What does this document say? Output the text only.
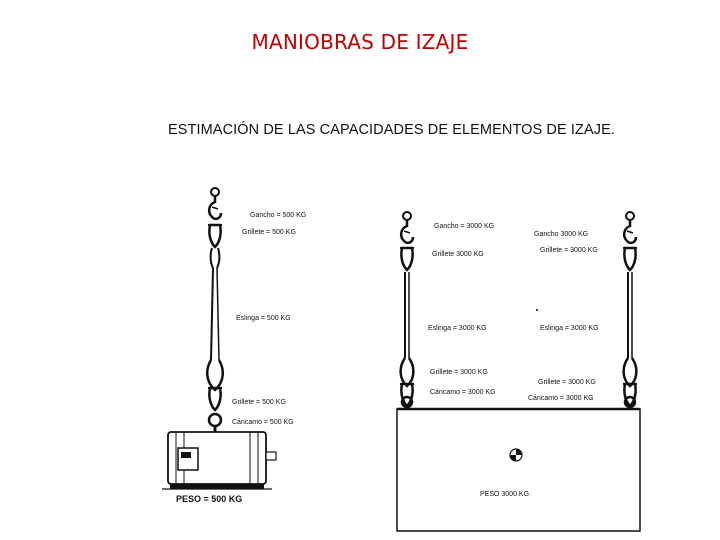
MANIOBRAS DE IZAJE
ESTIMACIÓN DE LAS CAPACIDADES DE ELEMENTOS DE IZAJE.
Gancho = 500 KG
Grillete = 500 KG
Eslinga = 500 KG
Grillete = 500 KG
Cáncamo = 500 KG
PESO = 500 KG
Gancho = 3000 KG
Grillete 3000 KG
Eslinga = 3000 KG
Grillete = 3000 KG
Cáncamo = 3000 KG
Gancho 3000 KG
Grillete = 3000 KG
Eslinga = 3000 KG
Grillete = 3000 KG
Cáncamo = 3000 KG
PESO 3000 KG
